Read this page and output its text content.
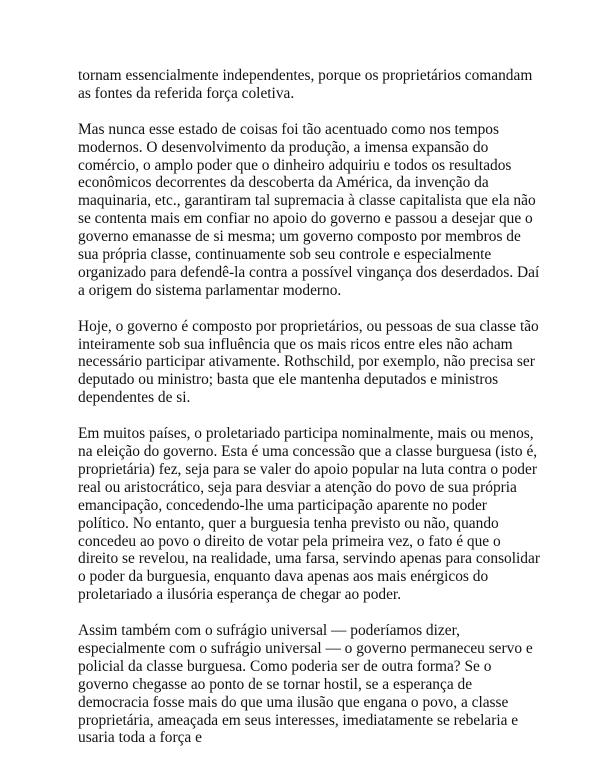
tornam essencialmente independentes, porque os proprietários comandam as fontes da referida força coletiva.

Mas nunca esse estado de coisas foi tão acentuado como nos tempos modernos. O desenvolvimento da produção, a imensa expansão do comércio, o amplo poder que o dinheiro adquiriu e todos os resultados econômicos decorrentes da descoberta da América, da invenção da maquinaria, etc., garantiram tal supremacia à classe capitalista que ela não se contenta mais em confiar no apoio do governo e passou a desejar que o governo emanasse de si mesma; um governo composto por membros de sua própria classe, continuamente sob seu controle e especialmente organizado para defendê-la contra a possível vingança dos deserdados. Daí a origem do sistema parlamentar moderno.

Hoje, o governo é composto por proprietários, ou pessoas de sua classe tão inteiramente sob sua influência que os mais ricos entre eles não acham necessário participar ativamente. Rothschild, por exemplo, não precisa ser deputado ou ministro; basta que ele mantenha deputados e ministros dependentes de si.

Em muitos países, o proletariado participa nominalmente, mais ou menos, na eleição do governo. Esta é uma concessão que a classe burguesa (isto é, proprietária) fez, seja para se valer do apoio popular na luta contra o poder real ou aristocrático, seja para desviar a atenção do povo de sua própria emancipação, concedendo-lhe uma participação aparente no poder político. No entanto, quer a burguesia tenha previsto ou não, quando concedeu ao povo o direito de votar pela primeira vez, o fato é que o direito se revelou, na realidade, uma farsa, servindo apenas para consolidar o poder da burguesia, enquanto dava apenas aos mais enérgicos do proletariado a ilusória esperança de chegar ao poder.

Assim também com o sufrágio universal — poderíamos dizer, especialmente com o sufrágio universal — o governo permaneceu servo e policial da classe burguesa. Como poderia ser de outra forma? Se o governo chegasse ao ponto de se tornar hostil, se a esperança de democracia fosse mais do que uma ilusão que engana o povo, a classe proprietária, ameaçada em seus interesses, imediatamente se rebelaria e usaria toda a força e
